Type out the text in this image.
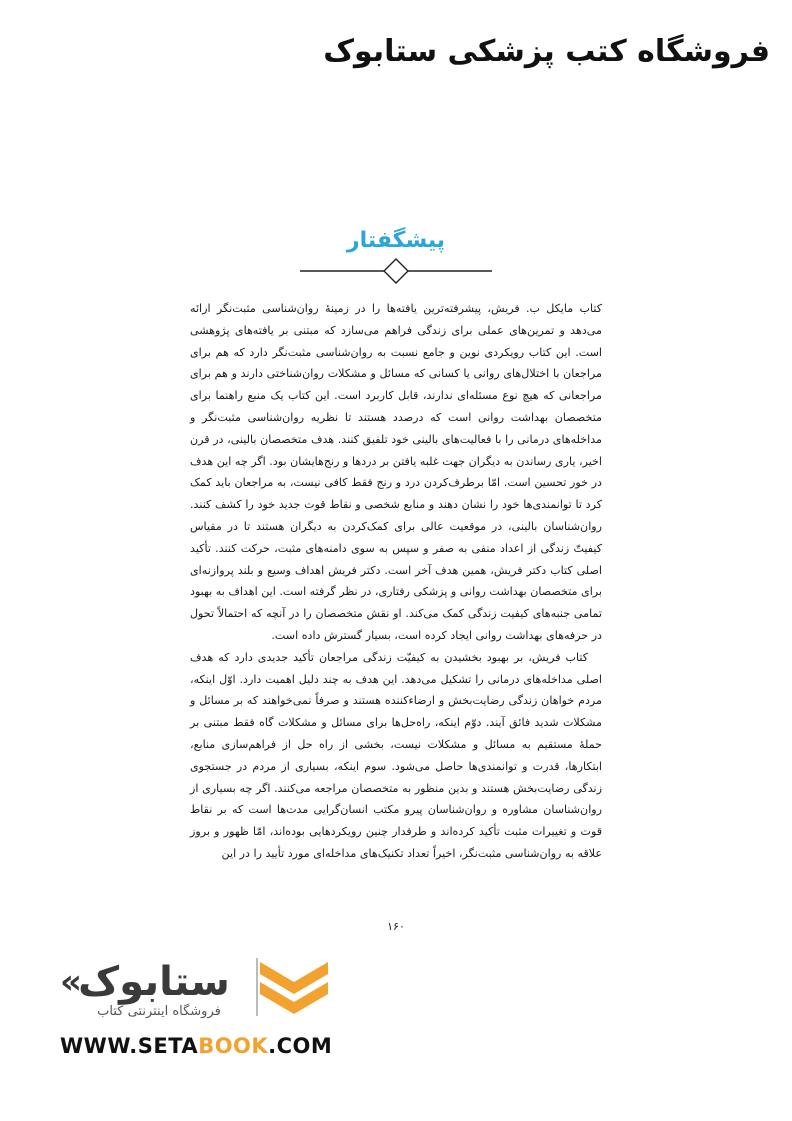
فروشگاه کتب پزشکی ستابوک
پیشگفتار

کتاب مایکل ب. فریش، پیشرفته‌ترین یافته‌ها را در زمینهٔ روان‌شناسی مثبت‌نگر ارائه می‌دهد و تمرین‌های عملی برای زندگی فراهم می‌سازد که مبتنی بر یافته‌های پژوهشی است. این کتاب رویکردی نوین و جامع نسبت به روان‌شناسی مثبت‌نگر دارد که هم برای مراجعان با اختلال‌های روانی یا کسانی که مسائل و مشکلات روان‌شناختی دارند و هم برای مراجعانی که هیچ نوع مسئله‌ای ندارند، قابل کاربرد است. این کتاب یک منبع راهنما برای متخصصان بهداشت روانی است که درصدد هستند تا نظریه روان‌شناسی مثبت‌نگر و مداخله‌های درمانی را با فعالیت‌های بالینی خود تلفیق کنند. هدف متخصصان بالینی، در قرن اخیر، یاری رساندن به دیگران جهت غلبه یافتن بر دردها و رنج‌هایشان بود. اگر چه این هدف در خور تحسین است. امّا برطرف‌کردن درد و رنج فقط کافی نیست، به مراجعان باید کمک کرد تا توانمندی‌ها خود را نشان دهند و منابع شخصی و نقاط قوت جدید خود را کشف کنند. روان‌شناسان بالینی، در موقعیت عالی برای کمک‌کردن به دیگران هستند تا در مقیاس کیفیتّ زندگی از اعداد منفی به صفر و سپس به سوی دامنه‌های مثبت، حرکت کنند. تأکید اصلی کتاب دکتر فریش، همین هدف آخر است. دکتر فریش اهداف وسیع و بلند پروازنه‌ای برای متخصصان بهداشت روانی و پزشکی رفتاری، در نظر گرفته است. این اهداف به بهبود تمامی جنبه‌های کیفیت زندگی کمک می‌کند. او نقش متخصصان را در آنچه که احتمالاً تحول در حرفه‌های بهداشت روانی ایجاد کرده است، بسیار گسترش داده است.

کتاب فریش، بر بهبود بخشیدن به کیفیّت زندگی مراجعان تأکید جدیدی دارد که هدف اصلی مداخله‌های درمانی را تشکیل می‌دهد. این هدف به چند دلیل اهمیت دارد. اوّل اینکه، مردم خواهان زندگی رضایت‌بخش و ارضاءکننده هستند و صرفاً نمی‌خواهند که بر مسائل و مشکلات شدید فائق آیند. دوّم اینکه، راه‌حل‌ها برای مسائل و مشکلات گاه فقط مبتنی بر حملهٔ مستقیم به مسائل و مشکلات نیست، بخشی از راه حل از فراهم‌سازی منابع، ابتکارها، قدرت و توانمندی‌ها حاصل می‌شود. سوم اینکه، بسیاری از مردم در جستجوی زندگی رضایت‌بخش هستند و بدین منظور به متخصصان مراجعه می‌کنند. اگر چه بسیاری از روان‌شناسان مشاوره و روان‌شناسان پیرو مکتب انسان‌گرایی مدت‌ها است که بر نقاط قوت و تغییرات مثبت تأکید کرده‌اند و طرفدار چنین رویکردهایی بوده‌اند، امّا ظهور و بروز علاقه به روان‌شناسی مثبت‌نگر، اخیراً تعداد تکنیک‌های مداخله‌ای مورد تأیید را در این

۱۶۰
«
ستابوک
فروشگاه اینترنتی کتاب
WWW.SETABOOK.COM
